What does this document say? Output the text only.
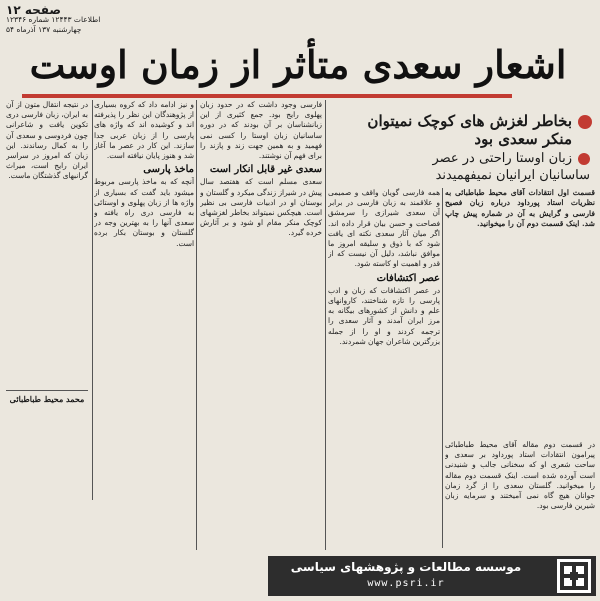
صفحه ۱۲
اطلاعات ۱۲۴۴۳ شماره ۱۲۳۴۶
چهارشنبه ۱۳۷ آذرماه ۵۴
اشعار سعدی متأثر از زمان اوست
بخاطر لغزش های کوچک نمیتوان
منکر سعدی بود
زبان اوستا راحتی در عصر
ساسانیان ایرانیان نمیفهمیدند

قسمت اول انتقادات آقای محیط طباطبائی به نظریات استاد پورداود درباره زبان فصیح فارسی و گرایش به آن در شماره پیش چاپ شد. اینک قسمت دوم آن را میخوانید.

در قسمت دوم مقاله آقای محیط طباطبائی پیرامون انتقادات استاد پورداود بر سعدی و ساحت شعری او که سخنانی جالب و شنیدنی است آورده شده است. اینک قسمت دوم مقاله را میخوانید. گلستان سعدی را از گرد زمان جوانان هیچ گاه نمی آمیختند و سرمایه زبان شیرین فارسی بود.

همه فارسی گویان واقف و صمیمی و علاقمند به زبان فارسی در برابر آن سعدی شیرازی را سرمشق فصاحت و حسن بیان قرار داده اند. اگر میان آثار سعدی نکته ای یافت شود که با ذوق و سلیقه امروز ما موافق نباشد، دلیل آن نیست که از قدر و اهمیت او کاسته شود.

عصر اکتشافات

در عصر اکتشافات که زبان و ادب پارسی را تازه شناختند، کاروانهای علم و دانش از کشورهای بیگانه به مرز ایران آمدند و آثار سعدی را ترجمه کردند و او را از جمله بزرگترین شاعران جهان شمردند.

فارسی وجود داشت که در حدود زبان پهلوی رایج بود. جمع کثیری از این زبانشناسان بر آن بودند که در دوره ساسانیان زبان اوستا را کسی نمی فهمید و به همین جهت زند و پازند را برای فهم آن نوشتند.

سعدی غیر قابل انکار است

سعدی مسلم است که هفتصد سال پیش در شیراز زندگی میکرد و گلستان و بوستان او در ادبیات فارسی بی نظیر است. هیچکس نمیتواند بخاطر لغزشهای کوچک منکر مقام او شود و بر آثارش خرده گیرد.

و نیز ادامه داد که کروه بسیاری از پژوهندگان این نظر را پذیرفته اند و کوشیده اند که واژه های پارسی را از زبان عربی جدا سازند. این کار در عصر ما آغاز شد و هنوز پایان نیافته است.

ماخذ پارسی

آنچه که به ماخذ پارسی مربوط میشود باید گفت که بسیاری از واژه ها از زبان پهلوی و اوستائی به فارسی دری راه یافته و سعدی آنها را به بهترین وجه در گلستان و بوستان بکار برده است.

در نتیجه انتقال متون از آن به ایران، زبان فارسی دری تکوین یافت و شاعرانی چون فردوسی و سعدی آن را به کمال رساندند. این زبان که امروز در سراسر ایران رایج است، میراث گرانبهای گذشتگان ماست.

محمد محیط طباطبائی
موسسه مطالعات و پژوهشهای سیاسی
www.psri.ir
